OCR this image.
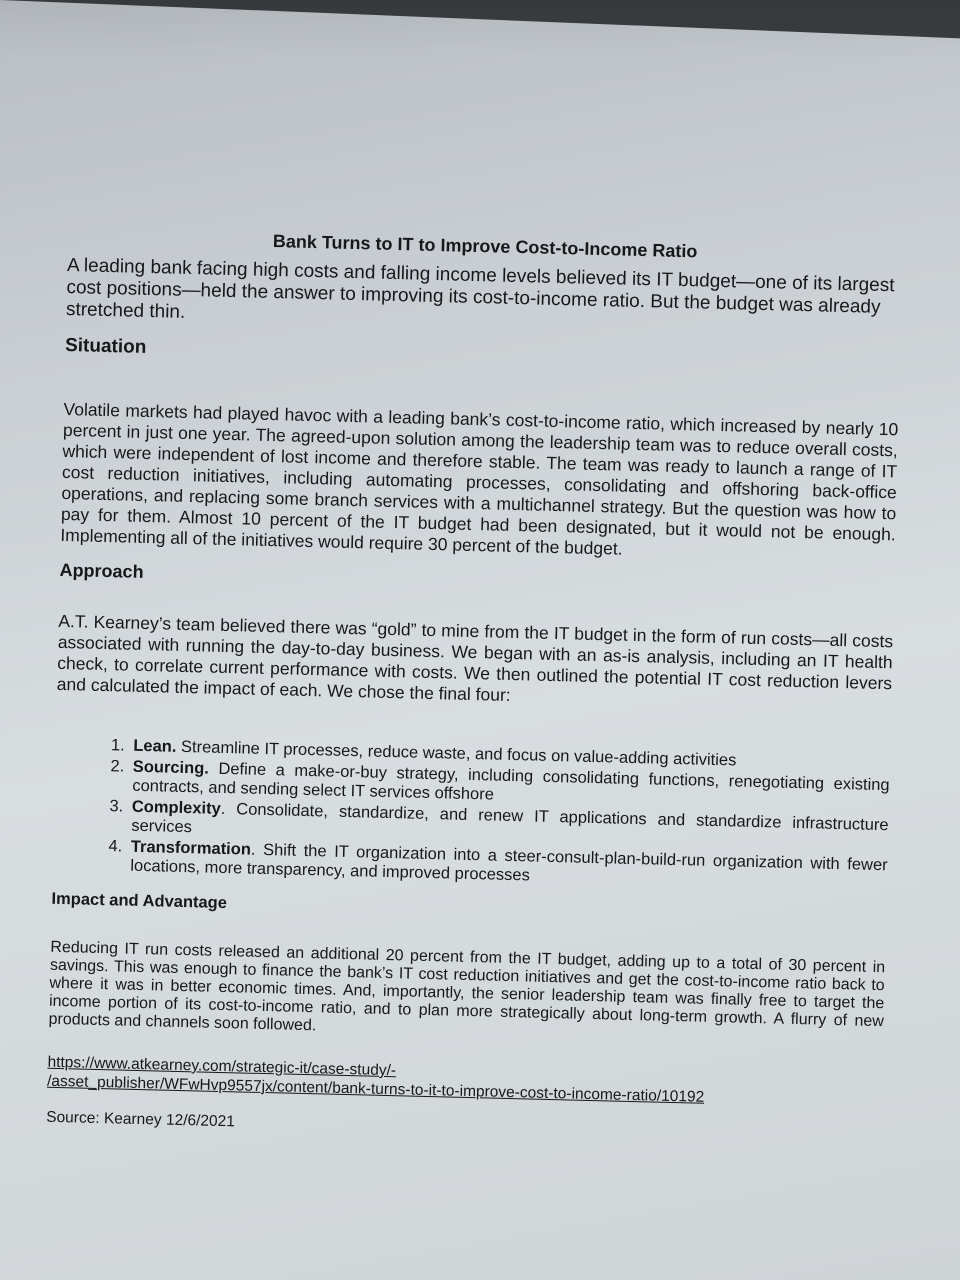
Bank Turns to IT to Improve Cost-to-Income Ratio

A leading bank facing high costs and falling income levels believed its IT budget—one of its largest cost positions—held the answer to improving its cost-to-income ratio. But the budget was already stretched thin.

Situation

Volatile markets had played havoc with a leading bank’s cost-to-income ratio, which increased by nearly 10 percent in just one year. The agreed-upon solution among the leadership team was to reduce overall costs, which were independent of lost income and therefore stable. The team was ready to launch a range of IT cost reduction initiatives, including automating processes, consolidating and offshoring back-office operations, and replacing some branch services with a multichannel strategy. But the question was how to pay for them. Almost 10 percent of the IT budget had been designated, but it would not be enough. Implementing all of the initiatives would require 30 percent of the budget.

Approach

A.T. Kearney’s team believed there was “gold” to mine from the IT budget in the form of run costs—all costs associated with running the day-to-day business. We began with an as-is analysis, including an IT health check, to correlate current performance with costs. We then outlined the potential IT cost reduction levers and calculated the impact of each. We chose the final four:

1. Lean. Streamline IT processes, reduce waste, and focus on value-adding activities
2. Sourcing. Define a make-or-buy strategy, including consolidating functions, renegotiating existing contracts, and sending select IT services offshore
3. Complexity. Consolidate, standardize, and renew IT applications and standardize infrastructure services
4. Transformation. Shift the IT organization into a steer-consult-plan-build-run organization with fewer locations, more transparency, and improved processes
Impact and Advantage

Reducing IT run costs released an additional 20 percent from the IT budget, adding up to a total of 30 percent in savings. This was enough to finance the bank’s IT cost reduction initiatives and get the cost-to-income ratio back to where it was in better economic times. And, importantly, the senior leadership team was finally free to target the income portion of its cost-to-income ratio, and to plan more strategically about long-term growth. A flurry of new products and channels soon followed.

https://www.atkearney.com/strategic-it/case-study/-
/asset_publisher/WFwHvp9557jx/content/bank-turns-to-it-to-improve-cost-to-income-ratio/10192
Source: Kearney 12/6/2021
